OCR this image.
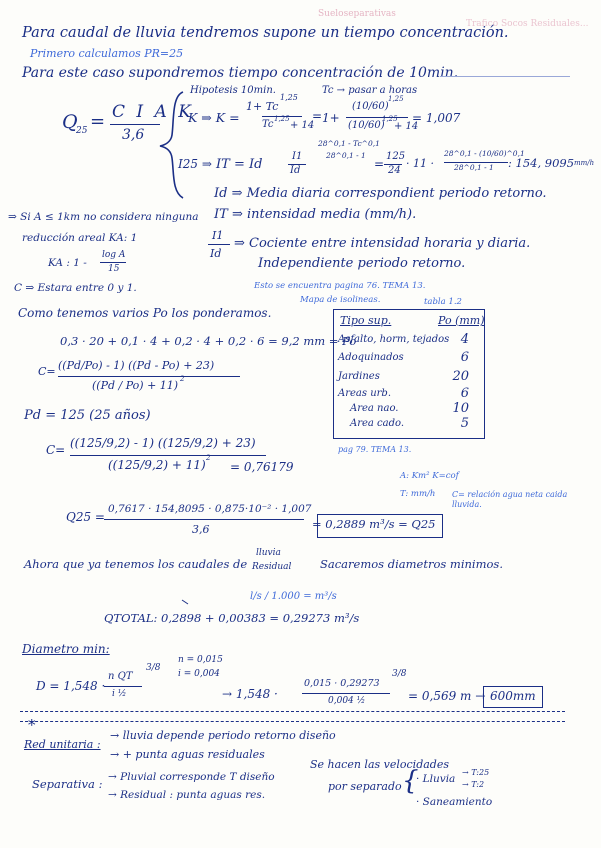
Sueloseparativas
Trafico Socos Residuales...
Para caudal de lluvia tendremos supone un tiempo concentración.
Primero calculamos PR=25
Para este caso supondremos tiempo concentración de 10min.
Q
25 = C I A K
3,6
Hipotesis 10min.
K ⇒ K =
1+ Tc
1,25
Tc 1,25
+ 14
=
Tc → pasar a horas
1+
(10/60)
1,25
(10/60)
1,25
+ 14
= 1,007
I25 ⇒ IT = Id
I1
Id
28^0,1 - Tc^0,1
28^0,1 - 1
=
125
24
· 11 ·
28^0,1 - (10/60)^0,1
28^0,1 - 1 : 154, 9095 mm/h
Id ⇒ Media diaria correspondient periodo retorno.
IT ⇒ intensidad media (mm/h).
I1
Id
⇒ Cociente entre intensidad horaria y diaria.
Independiente periodo retorno.
⇒ Si A ≤ 1km no considera ninguna
reducción areal KA: 1
KA : 1 -
log A
15
C ⇒ Estara entre 0 y 1.	Esto se encuentra pagina 76. TEMA 13.
Mapa de isolineas.	tabla 1.2
Como tenemos varios Po los ponderamos.
0,3 · 20 + 0,1 · 4 + 0,2 · 4 + 0,2 · 6 = 9,2 mm = Po
Tipo sup.	Po (mm)
Asfalto, horm, tejados 4
Adoquinados	6
Jardines	20
Areas urb.	6
Area nao.	10
Area cado.	5
pag 79. TEMA 13.
C= ((Pd/Po) - 1) ((Pd - Po) + 23)
((Pd / Po) + 11) 2
Pd = 125 (25 años)
C= ((125/9,2) - 1) ((125/9,2) + 23)
((125/9,2) + 11) 2
= 0,76179
A: Km² K=cof
T: mm/h C= relación agua neta caida lluvida.
Q25 =
0,7617 · 154,8095 · 0,875·10⁻² · 1,007
3,6	= 0,2889 m³/s = Q25
Ahora que ya tenemos los caudales de
lluvia
Residual Sacaremos diametros minimos.
l/s / 1.000 = m³/s
QTOTAL: 0,2898 + 0,00383 = 0,29273 m³/s
Diametro min:
n = 0,015
i = 0,004
D = 1,548 ·
n QT
i ½
3/8
→ 1,548 ·
0,015 · 0,29273
0,004 ½
3/8
= 0,569 m → 600mm
*
Red unitaria :
→ lluvia depende periodo retorno diseño
→ + punta aguas residuales
Separativa : → Pluvial corresponde T diseño
→ Residual : punta aguas res.
Se hacen las velocidades
por separado {
· Lluvia
→ T:25
→ T:2
· Saneamiento
